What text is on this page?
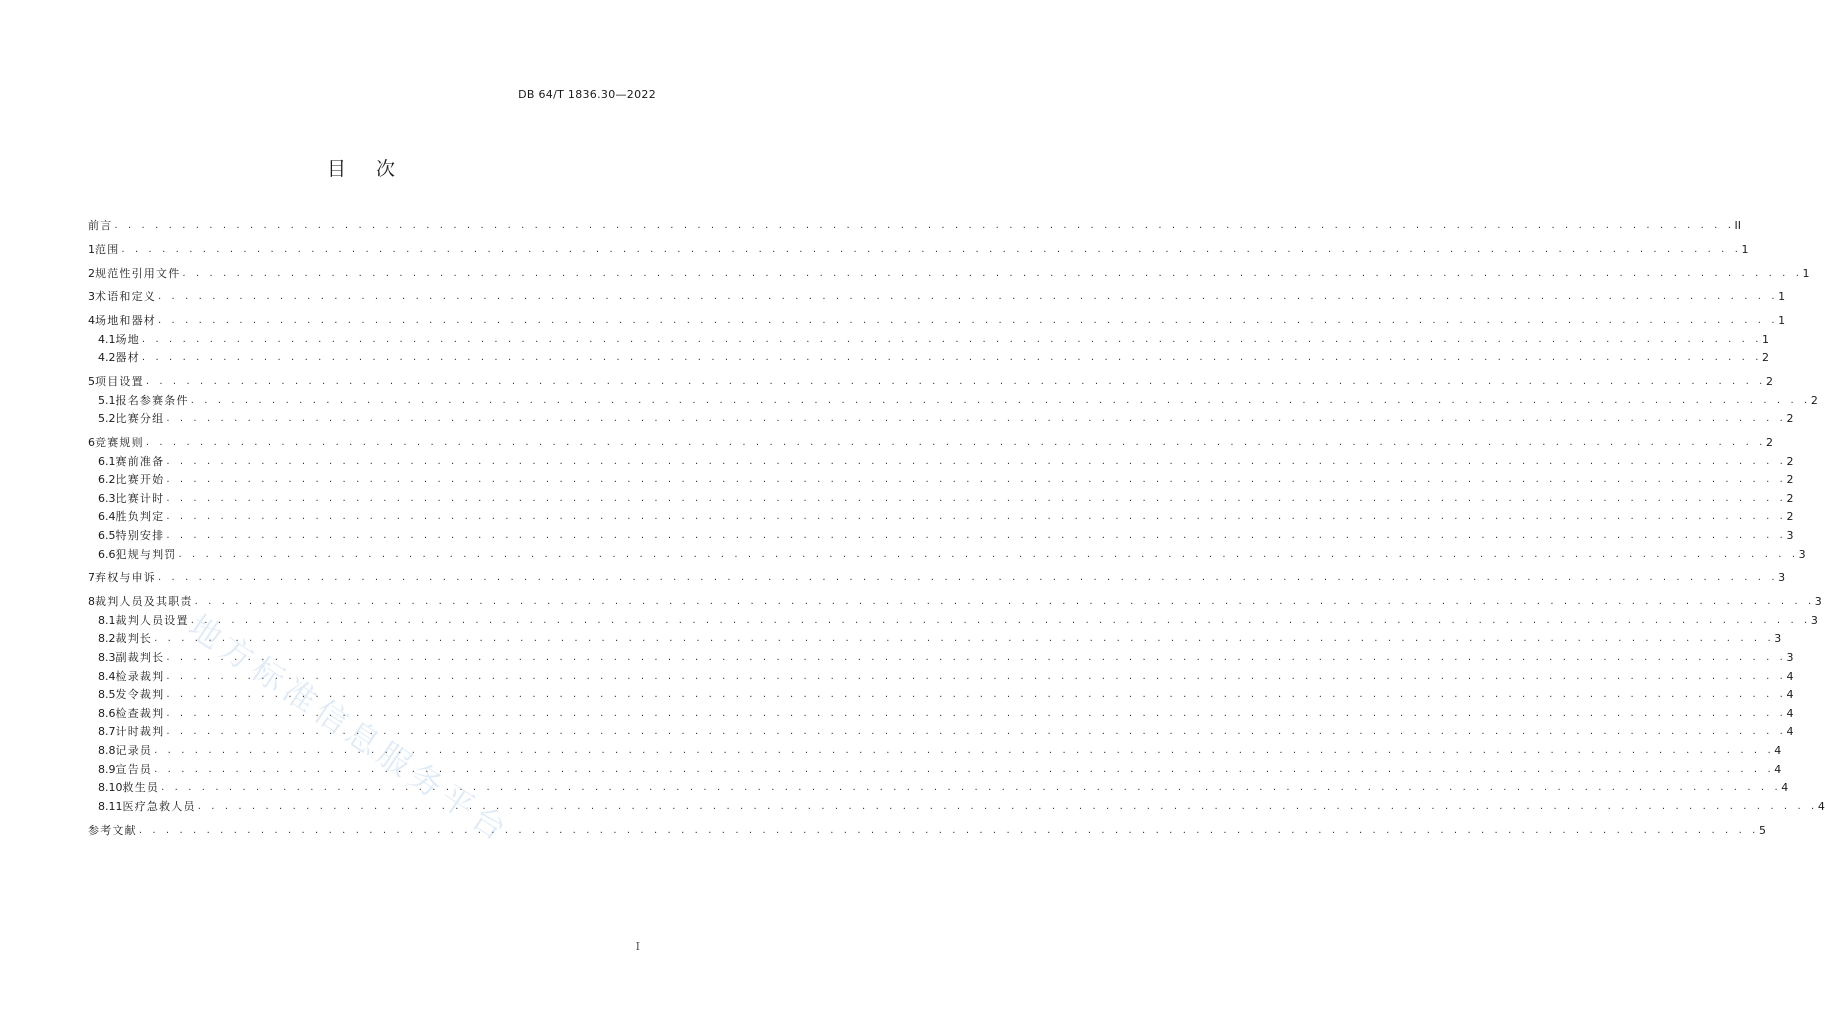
DB 64/T 1836.30—2022
目次
前言 . . . . . . . . . . . . . . . . . . . . . . . . . . . . . . . . . . . . . . . . . . . . . . . . . . . . . . . . . . . . . . . . . . . . . . . . . . . . . . . . . . . . . . . . . . . . . . . . . . . . . . . . . . . . . . . . . . . . . . . . II
1 范围 . . . . . . . . . . . . . . . . . . . . . . . . . . . . . . . . . . . . . . . . . . . . . . . . . . . . . . . . . . . . . . . . . . . . . . . . . . . . . . . . . . . . . . . . . . . . . . . . . . . . . . . . . . . . . . . . . . . . . . . . 1
2 规范性引用文件 . . . . . . . . . . . . . . . . . . . . . . . . . . . . . . . . . . . . . . . . . . . . . . . . . . . . . . . . . . . . . . . . . . . . . . . . . . . . . . . . . . . . . . . . . . . . . . . . . . . . . . . . . . . . . . . . . . . . . . . . 1
3 术语和定义 . . . . . . . . . . . . . . . . . . . . . . . . . . . . . . . . . . . . . . . . . . . . . . . . . . . . . . . . . . . . . . . . . . . . . . . . . . . . . . . . . . . . . . . . . . . . . . . . . . . . . . . . . . . . . . . . . . . . . . . . 1
4 场地和器材 . . . . . . . . . . . . . . . . . . . . . . . . . . . . . . . . . . . . . . . . . . . . . . . . . . . . . . . . . . . . . . . . . . . . . . . . . . . . . . . . . . . . . . . . . . . . . . . . . . . . . . . . . . . . . . . . . . . . . . . . 1
4.1 场地 . . . . . . . . . . . . . . . . . . . . . . . . . . . . . . . . . . . . . . . . . . . . . . . . . . . . . . . . . . . . . . . . . . . . . . . . . . . . . . . . . . . . . . . . . . . . . . . . . . . . . . . . . . . . . . . . . . . . . . . . 1
4.2 器材 . . . . . . . . . . . . . . . . . . . . . . . . . . . . . . . . . . . . . . . . . . . . . . . . . . . . . . . . . . . . . . . . . . . . . . . . . . . . . . . . . . . . . . . . . . . . . . . . . . . . . . . . . . . . . . . . . . . . . . . . 2
5 项目设置 . . . . . . . . . . . . . . . . . . . . . . . . . . . . . . . . . . . . . . . . . . . . . . . . . . . . . . . . . . . . . . . . . . . . . . . . . . . . . . . . . . . . . . . . . . . . . . . . . . . . . . . . . . . . . . . . . . . . . . . . 2
5.1 报名参赛条件 . . . . . . . . . . . . . . . . . . . . . . . . . . . . . . . . . . . . . . . . . . . . . . . . . . . . . . . . . . . . . . . . . . . . . . . . . . . . . . . . . . . . . . . . . . . . . . . . . . . . . . . . . . . . . . . . . . . . . . . . 2
5.2 比赛分组 . . . . . . . . . . . . . . . . . . . . . . . . . . . . . . . . . . . . . . . . . . . . . . . . . . . . . . . . . . . . . . . . . . . . . . . . . . . . . . . . . . . . . . . . . . . . . . . . . . . . . . . . . . . . . . . . . . . . . . . . 2
6 竞赛规则 . . . . . . . . . . . . . . . . . . . . . . . . . . . . . . . . . . . . . . . . . . . . . . . . . . . . . . . . . . . . . . . . . . . . . . . . . . . . . . . . . . . . . . . . . . . . . . . . . . . . . . . . . . . . . . . . . . . . . . . . 2
6.1 赛前准备 . . . . . . . . . . . . . . . . . . . . . . . . . . . . . . . . . . . . . . . . . . . . . . . . . . . . . . . . . . . . . . . . . . . . . . . . . . . . . . . . . . . . . . . . . . . . . . . . . . . . . . . . . . . . . . . . . . . . . . . . 2
6.2 比赛开始 . . . . . . . . . . . . . . . . . . . . . . . . . . . . . . . . . . . . . . . . . . . . . . . . . . . . . . . . . . . . . . . . . . . . . . . . . . . . . . . . . . . . . . . . . . . . . . . . . . . . . . . . . . . . . . . . . . . . . . . . 2
6.3 比赛计时 . . . . . . . . . . . . . . . . . . . . . . . . . . . . . . . . . . . . . . . . . . . . . . . . . . . . . . . . . . . . . . . . . . . . . . . . . . . . . . . . . . . . . . . . . . . . . . . . . . . . . . . . . . . . . . . . . . . . . . . . 2
6.4 胜负判定 . . . . . . . . . . . . . . . . . . . . . . . . . . . . . . . . . . . . . . . . . . . . . . . . . . . . . . . . . . . . . . . . . . . . . . . . . . . . . . . . . . . . . . . . . . . . . . . . . . . . . . . . . . . . . . . . . . . . . . . . 2
6.5 特别安排 . . . . . . . . . . . . . . . . . . . . . . . . . . . . . . . . . . . . . . . . . . . . . . . . . . . . . . . . . . . . . . . . . . . . . . . . . . . . . . . . . . . . . . . . . . . . . . . . . . . . . . . . . . . . . . . . . . . . . . . . 3
6.6 犯规与判罚 . . . . . . . . . . . . . . . . . . . . . . . . . . . . . . . . . . . . . . . . . . . . . . . . . . . . . . . . . . . . . . . . . . . . . . . . . . . . . . . . . . . . . . . . . . . . . . . . . . . . . . . . . . . . . . . . . . . . . . . . 3
7 弃权与申诉 . . . . . . . . . . . . . . . . . . . . . . . . . . . . . . . . . . . . . . . . . . . . . . . . . . . . . . . . . . . . . . . . . . . . . . . . . . . . . . . . . . . . . . . . . . . . . . . . . . . . . . . . . . . . . . . . . . . . . . . . 3
8 裁判人员及其职责 . . . . . . . . . . . . . . . . . . . . . . . . . . . . . . . . . . . . . . . . . . . . . . . . . . . . . . . . . . . . . . . . . . . . . . . . . . . . . . . . . . . . . . . . . . . . . . . . . . . . . . . . . . . . . . . . . . . . . . . . 3
8.1 裁判人员设置 . . . . . . . . . . . . . . . . . . . . . . . . . . . . . . . . . . . . . . . . . . . . . . . . . . . . . . . . . . . . . . . . . . . . . . . . . . . . . . . . . . . . . . . . . . . . . . . . . . . . . . . . . . . . . . . . . . . . . . . . 3
8.2 裁判长 . . . . . . . . . . . . . . . . . . . . . . . . . . . . . . . . . . . . . . . . . . . . . . . . . . . . . . . . . . . . . . . . . . . . . . . . . . . . . . . . . . . . . . . . . . . . . . . . . . . . . . . . . . . . . . . . . . . . . . . . 3
8.3 副裁判长 . . . . . . . . . . . . . . . . . . . . . . . . . . . . . . . . . . . . . . . . . . . . . . . . . . . . . . . . . . . . . . . . . . . . . . . . . . . . . . . . . . . . . . . . . . . . . . . . . . . . . . . . . . . . . . . . . . . . . . . . 3
8.4 检录裁判 . . . . . . . . . . . . . . . . . . . . . . . . . . . . . . . . . . . . . . . . . . . . . . . . . . . . . . . . . . . . . . . . . . . . . . . . . . . . . . . . . . . . . . . . . . . . . . . . . . . . . . . . . . . . . . . . . . . . . . . . 4
8.5 发令裁判 . . . . . . . . . . . . . . . . . . . . . . . . . . . . . . . . . . . . . . . . . . . . . . . . . . . . . . . . . . . . . . . . . . . . . . . . . . . . . . . . . . . . . . . . . . . . . . . . . . . . . . . . . . . . . . . . . . . . . . . . 4
8.6 检查裁判 . . . . . . . . . . . . . . . . . . . . . . . . . . . . . . . . . . . . . . . . . . . . . . . . . . . . . . . . . . . . . . . . . . . . . . . . . . . . . . . . . . . . . . . . . . . . . . . . . . . . . . . . . . . . . . . . . . . . . . . . 4
8.7 计时裁判 . . . . . . . . . . . . . . . . . . . . . . . . . . . . . . . . . . . . . . . . . . . . . . . . . . . . . . . . . . . . . . . . . . . . . . . . . . . . . . . . . . . . . . . . . . . . . . . . . . . . . . . . . . . . . . . . . . . . . . . . 4
8.8 记录员 . . . . . . . . . . . . . . . . . . . . . . . . . . . . . . . . . . . . . . . . . . . . . . . . . . . . . . . . . . . . . . . . . . . . . . . . . . . . . . . . . . . . . . . . . . . . . . . . . . . . . . . . . . . . . . . . . . . . . . . . 4
8.9 宣告员 . . . . . . . . . . . . . . . . . . . . . . . . . . . . . . . . . . . . . . . . . . . . . . . . . . . . . . . . . . . . . . . . . . . . . . . . . . . . . . . . . . . . . . . . . . . . . . . . . . . . . . . . . . . . . . . . . . . . . . . . 4
8.10 救生员 . . . . . . . . . . . . . . . . . . . . . . . . . . . . . . . . . . . . . . . . . . . . . . . . . . . . . . . . . . . . . . . . . . . . . . . . . . . . . . . . . . . . . . . . . . . . . . . . . . . . . . . . . . . . . . . . . . . . . . . . 4
8.11 医疗急救人员 . . . . . . . . . . . . . . . . . . . . . . . . . . . . . . . . . . . . . . . . . . . . . . . . . . . . . . . . . . . . . . . . . . . . . . . . . . . . . . . . . . . . . . . . . . . . . . . . . . . . . . . . . . . . . . . . . . . . . . . . 4
参考文献 . . . . . . . . . . . . . . . . . . . . . . . . . . . . . . . . . . . . . . . . . . . . . . . . . . . . . . . . . . . . . . . . . . . . . . . . . . . . . . . . . . . . . . . . . . . . . . . . . . . . . . . . . . . . . . . . . . . . . . . . 5
I
地方标准信息服务平台
